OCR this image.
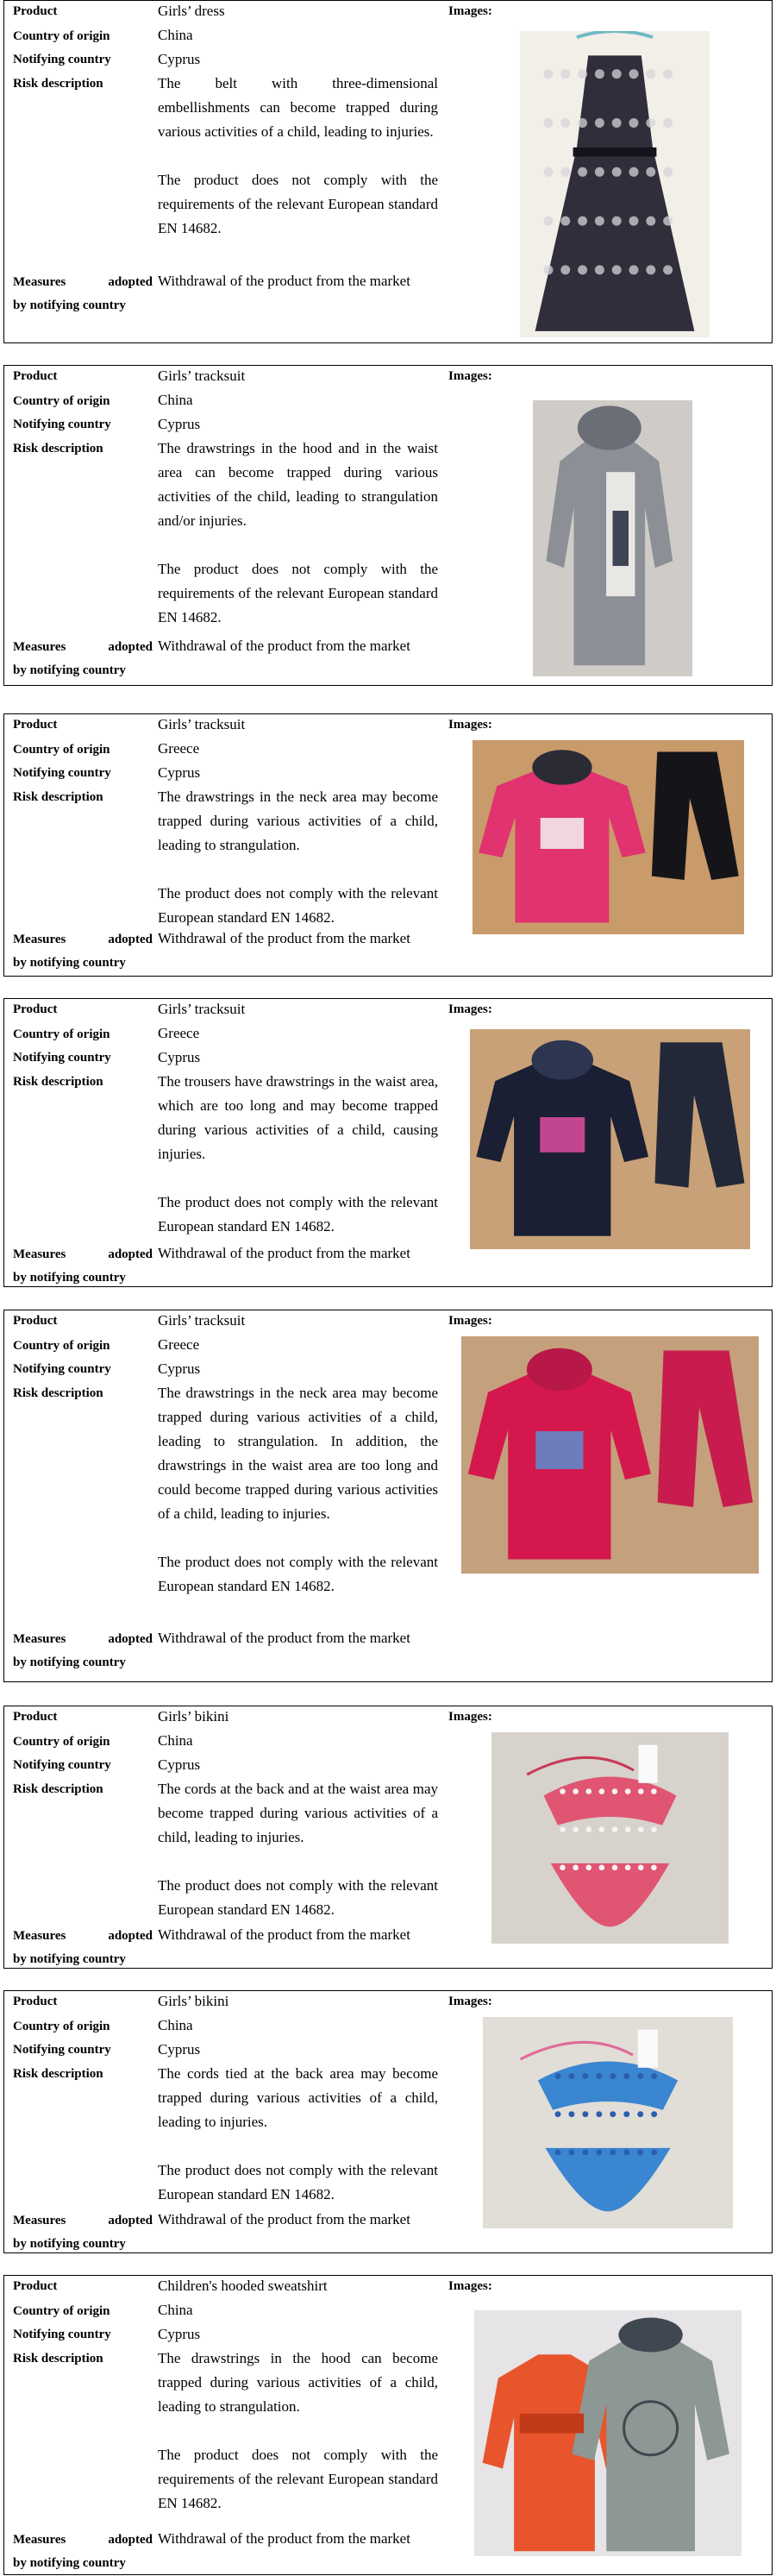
Product
Country of origin
Notifying country
Risk description
Measures adopted
by notifying country
Girls’ dress
China
Cyprus

The belt with three-dimensional embellishments can become trapped during various activities of a child, leading to injuries.

The product does not comply with the requirements of the relevant European standard EN 14682.

Withdrawal of the product from the market
Images:
Product
Country of origin
Notifying country
Risk description
Measures adopted
by notifying country
Girls’ tracksuit
China
Cyprus

The drawstrings in the hood and in the waist area can become trapped during various activities of the child, leading to strangulation and/or injuries.

The product does not comply with the requirements of the relevant European standard EN 14682.

Withdrawal of the product from the market
Images:
Product
Country of origin
Notifying country
Risk description
Measures adopted
by notifying country
Girls’ tracksuit
Greece
Cyprus

The drawstrings in the neck area may become trapped during various activities of a child, leading to strangulation.

The product does not comply with the relevant European standard EN 14682.

Withdrawal of the product from the market
Images:
Product
Country of origin
Notifying country
Risk description
Measures adopted
by notifying country
Girls’ tracksuit
Greece
Cyprus

The trousers have drawstrings in the waist area, which are too long and may become trapped during various activities of a child, causing injuries.

The product does not comply with the relevant European standard EN 14682.

Withdrawal of the product from the market
Images:
Product
Country of origin
Notifying country
Risk description
Measures adopted
by notifying country
Girls’ tracksuit
Greece
Cyprus

The drawstrings in the neck area may become trapped during various activities of a child, leading to strangulation. In addition, the drawstrings in the waist area are too long and could become trapped during various activities of a child, leading to injuries.

The product does not comply with the relevant European standard EN 14682.

Withdrawal of the product from the market
Images:
Product
Country of origin
Notifying country
Risk description
Measures adopted
by notifying country
Girls’ bikini
China
Cyprus

The cords at the back and at the waist area may become trapped during various activities of a child, leading to injuries.

The product does not comply with the relevant European standard EN 14682.

Withdrawal of the product from the market
Images:
Product
Country of origin
Notifying country
Risk description
Measures adopted
by notifying country
Girls’ bikini
China
Cyprus

The cords tied at the back area may become trapped during various activities of a child, leading to injuries.

The product does not comply with the relevant European standard EN 14682.

Withdrawal of the product from the market
Images:
Product
Country of origin
Notifying country
Risk description
Measures adopted
by notifying country
Children's hooded sweatshirt
China
Cyprus

The drawstrings in the hood can become trapped during various activities of a child, leading to strangulation.

The product does not comply with the requirements of the relevant European standard EN 14682.

Withdrawal of the product from the market
Images:
